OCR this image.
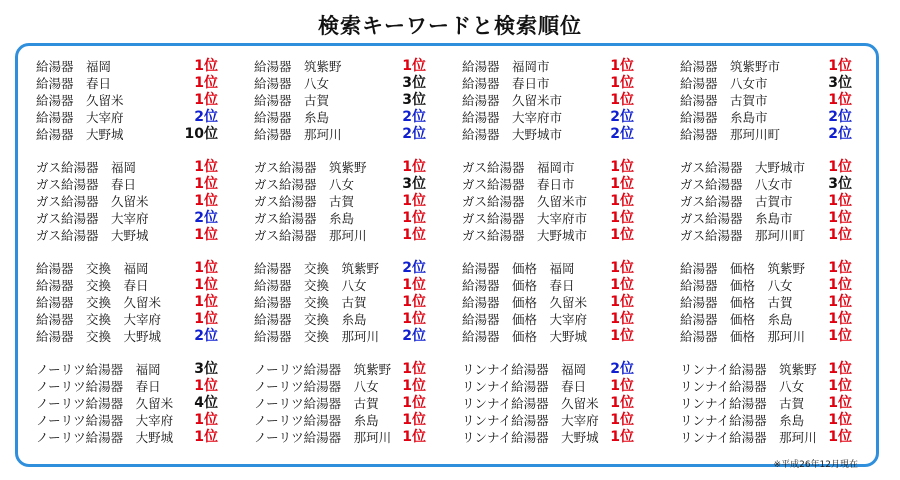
検索キーワードと検索順位
給湯器　福岡	1位
給湯器　春日	1位
給湯器　久留米	1位
給湯器　大宰府	2位
給湯器　大野城	10位
ガス給湯器　福岡	1位
ガス給湯器　春日	1位
ガス給湯器　久留米	1位
ガス給湯器　大宰府	2位
ガス給湯器　大野城	1位
給湯器　交換　福岡	1位
給湯器　交換　春日	1位
給湯器　交換　久留米 1位
給湯器　交換　大宰府 1位
給湯器　交換　大野城 2位
ノーリツ給湯器　福岡 3位
ノーリツ給湯器　春日 1位
ノーリツ給湯器　久留米 4位
ノーリツ給湯器　大宰府 1位
ノーリツ給湯器　大野城 1位
給湯器　筑紫野	1位
給湯器　八女	3位
給湯器　古賀	3位
給湯器　糸島	2位
給湯器　那珂川	2位
ガス給湯器　筑紫野	1位
ガス給湯器　八女	3位
ガス給湯器　古賀	1位
ガス給湯器　糸島	1位
ガス給湯器　那珂川	1位
給湯器　交換　筑紫野 2位
給湯器　交換　八女	1位
給湯器　交換　古賀	1位
給湯器　交換　糸島	1位
給湯器　交換　那珂川 2位
ノーリツ給湯器　筑紫野 1位
ノーリツ給湯器　八女 1位
ノーリツ給湯器　古賀 1位
ノーリツ給湯器　糸島 1位
ノーリツ給湯器　那珂川 1位
給湯器　福岡市	1位
給湯器　春日市	1位
給湯器　久留米市	1位
給湯器　大宰府市	2位
給湯器　大野城市	2位
ガス給湯器　福岡市	1位
ガス給湯器　春日市	1位
ガス給湯器　久留米市 1位
ガス給湯器　大宰府市 1位
ガス給湯器　大野城市 1位
給湯器　価格　福岡	1位
給湯器　価格　春日	1位
給湯器　価格　久留米 1位
給湯器　価格　大宰府 1位
給湯器　価格　大野城 1位
リンナイ給湯器　福岡 2位
リンナイ給湯器　春日 1位
リンナイ給湯器　久留米 1位
リンナイ給湯器　大宰府 1位
リンナイ給湯器　大野城 1位
給湯器　筑紫野市	1位
給湯器　八女市	3位
給湯器　古賀市	1位
給湯器　糸島市	2位
給湯器　那珂川町	2位
ガス給湯器　大野城市 1位
ガス給湯器　八女市	3位
ガス給湯器　古賀市	1位
ガス給湯器　糸島市	1位
ガス給湯器　那珂川町 1位
給湯器　価格　筑紫野 1位
給湯器　価格　八女	1位
給湯器　価格　古賀	1位
給湯器　価格　糸島	1位
給湯器　価格　那珂川 1位
リンナイ給湯器　筑紫野 1位
リンナイ給湯器　八女 1位
リンナイ給湯器　古賀 1位
リンナイ給湯器　糸島 1位
リンナイ給湯器　那珂川 1位
※平成26年12月現在
